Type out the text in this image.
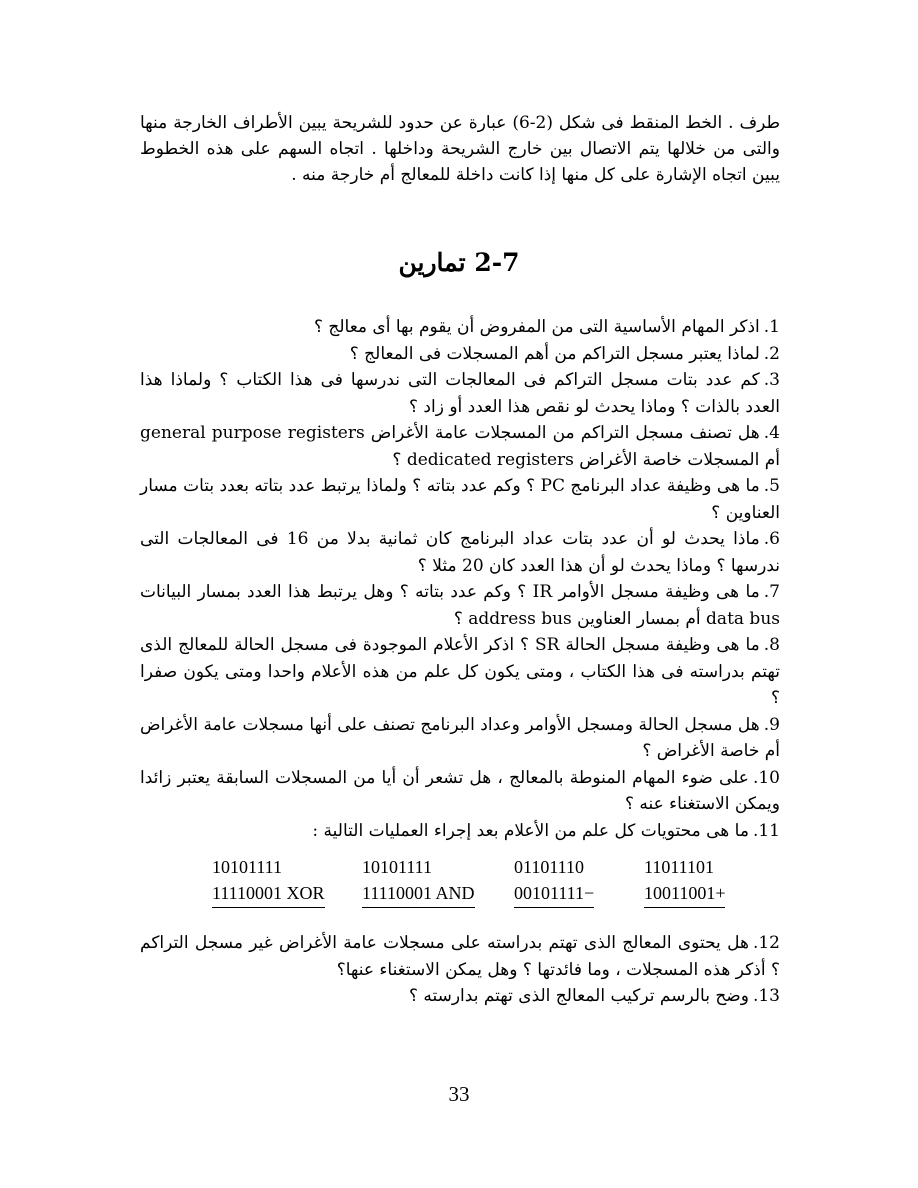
طرف . الخط المنقط فى شكل (2-6) عبارة عن حدود للشريحة يبين الأطراف الخارجة منها والتى من خلالها يتم الاتصال بين خارج الشريحة وداخلها . اتجاه السهم على هذه الخطوط يبين اتجاه الإشارة على كل منها إذا كانت داخلة للمعالج أم خارجة منه .

2-7 تمارين

.1اذكر المهام الأساسية التى من المفروض أن يقوم بها أى معالج ؟

.2لماذا يعتبر مسجل التراكم من أهم المسجلات فى المعالج ؟

.3كم عدد بتات مسجل التراكم فى المعالجات التى ندرسها فى هذا الكتاب ؟ ولماذا هذا العدد بالذات ؟ وماذا يحدث لو نقص هذا العدد أو زاد ؟

.4هل تصنف مسجل التراكم من المسجلات عامة الأغراض general purpose registers أم المسجلات خاصة الأغراض dedicated registers ؟

.5ما هى وظيفة عداد البرنامج PC ؟ وكم عدد بتاته ؟ ولماذا يرتبط عدد بتاته بعدد بتات مسار العناوين ؟

.6ماذا يحدث لو أن عدد بتات عداد البرنامج كان ثمانية بدلا من 16 فى المعالجات التى ندرسها ؟ وماذا يحدث لو أن هذا العدد كان 20 مثلا ؟

.7ما هى وظيفة مسجل الأوامر IR ؟ وكم عدد بتاته ؟ وهل يرتبط هذا العدد بمسار البيانات data bus أم بمسار العناوين address bus ؟

.8ما هى وظيفة مسجل الحالة SR ؟ اذكر الأعلام الموجودة فى مسجل الحالة للمعالج الذى تهتم بدراسته فى هذا الكتاب ، ومتى يكون كل علم من هذه الأعلام واحدا ومتى يكون صفرا ؟

.9هل مسجل الحالة ومسجل الأوامر وعداد البرنامج تصنف على أنها مسجلات عامة الأغراض أم خاصة الأغراض ؟

.10على ضوء المهام المنوطة بالمعالج ، هل تشعر أن أيا من المسجلات السابقة يعتبر زائدا ويمكن الاستغناء عنه ؟

.11ما هى محتويات كل علم من الأعلام بعد إجراء العمليات التالية :

10101111
11110001 XOR
10101111
11110001 AND
01101110
00101111−
11011101
10011001+

.12هل يحتوى المعالج الذى تهتم بدراسته على مسجلات عامة الأغراض غير مسجل التراكم ؟ أذكر هذه المسجلات ، وما فائدتها ؟ وهل يمكن الاستغناء عنها؟

.13وضح بالرسم تركيب المعالج الذى تهتم بدارسته ؟

33
